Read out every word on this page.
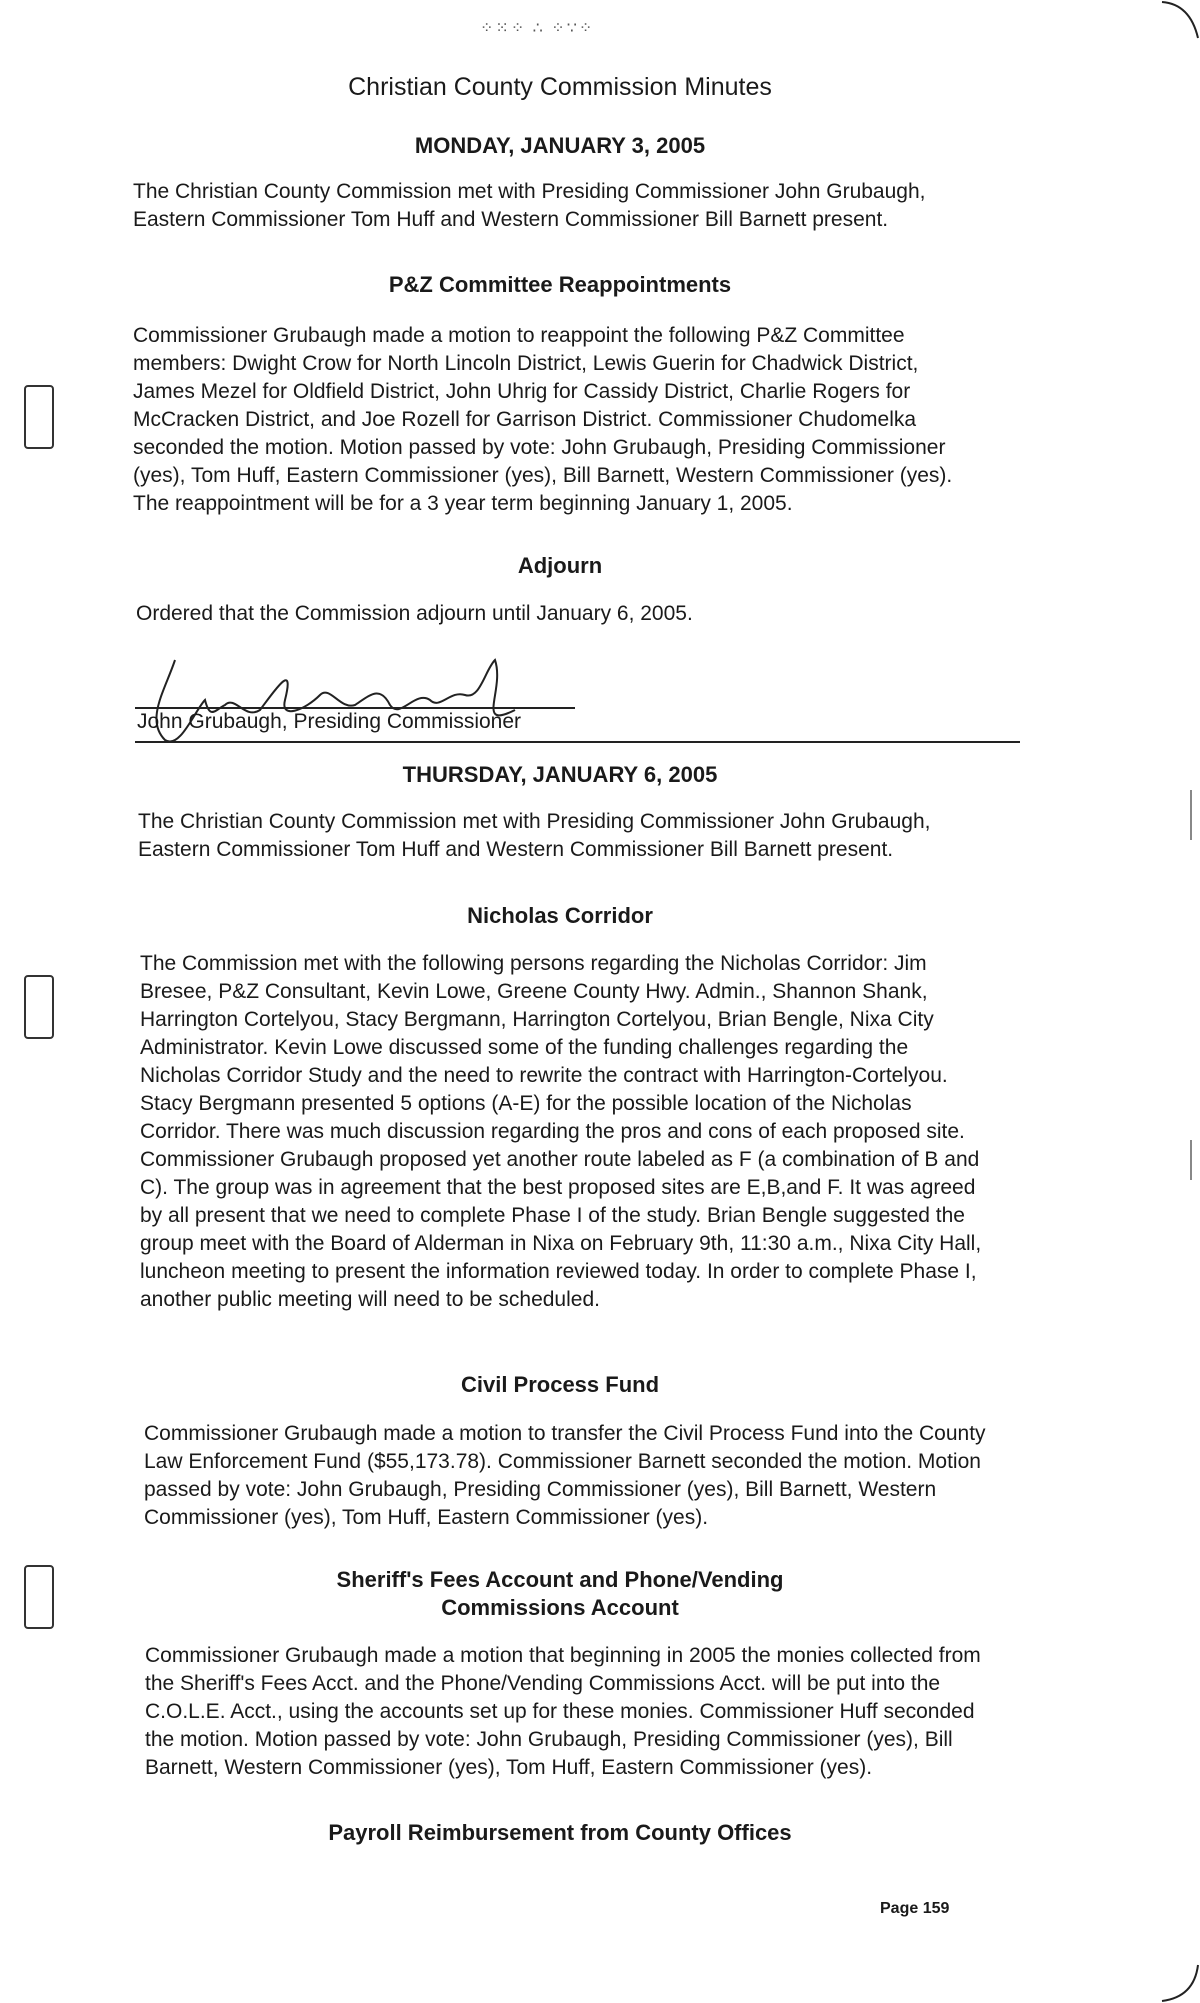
⁘⁙⁘ ∴ ⁘∵⁘
Christian County Commission Minutes
MONDAY, JANUARY 3, 2005

The Christian County Commission met with Presiding Commissioner John Grubaugh, Eastern Commissioner Tom Huff and Western Commissioner Bill Barnett present.

P&Z Committee Reappointments

Commissioner Grubaugh made a motion to reappoint the following P&Z Committee members: Dwight Crow for North Lincoln District, Lewis Guerin for Chadwick District, James Mezel for Oldfield District, John Uhrig for Cassidy District, Charlie Rogers for McCracken District, and Joe Rozell for Garrison District. Commissioner Chudomelka seconded the motion. Motion passed by vote: John Grubaugh, Presiding Commissioner (yes), Tom Huff, Eastern Commissioner (yes), Bill Barnett, Western Commissioner (yes). The reappointment will be for a 3 year term beginning January 1, 2005.

Adjourn

Ordered that the Commission adjourn until January 6, 2005.

John Grubaugh, Presiding Commissioner
THURSDAY, JANUARY 6, 2005

The Christian County Commission met with Presiding Commissioner John Grubaugh, Eastern Commissioner Tom Huff and Western Commissioner Bill Barnett present.

Nicholas Corridor

The Commission met with the following persons regarding the Nicholas Corridor: Jim Bresee, P&Z Consultant, Kevin Lowe, Greene County Hwy. Admin., Shannon Shank, Harrington Cortelyou, Stacy Bergmann, Harrington Cortelyou, Brian Bengle, Nixa City Administrator. Kevin Lowe discussed some of the funding challenges regarding the Nicholas Corridor Study and the need to rewrite the contract with Harrington-Cortelyou. Stacy Bergmann presented 5 options (A-E) for the possible location of the Nicholas Corridor. There was much discussion regarding the pros and cons of each proposed site. Commissioner Grubaugh proposed yet another route labeled as F (a combination of B and C). The group was in agreement that the best proposed sites are E,B,and F. It was agreed by all present that we need to complete Phase I of the study. Brian Bengle suggested the group meet with the Board of Alderman in Nixa on February 9th, 11:30 a.m., Nixa City Hall, luncheon meeting to present the information reviewed today. In order to complete Phase I, another public meeting will need to be scheduled.

Civil Process Fund

Commissioner Grubaugh made a motion to transfer the Civil Process Fund into the County Law Enforcement Fund ($55,173.78). Commissioner Barnett seconded the motion. Motion passed by vote: John Grubaugh, Presiding Commissioner (yes), Bill Barnett, Western Commissioner (yes), Tom Huff, Eastern Commissioner (yes).

Sheriff's Fees Account and Phone/Vending
Commissions Account

Commissioner Grubaugh made a motion that beginning in 2005 the monies collected from the Sheriff's Fees Acct. and the Phone/Vending Commissions Acct. will be put into the C.O.L.E. Acct., using the accounts set up for these monies. Commissioner Huff seconded the motion. Motion passed by vote: John Grubaugh, Presiding Commissioner (yes), Bill Barnett, Western Commissioner (yes), Tom Huff, Eastern Commissioner (yes).

Payroll Reimbursement from County Offices
Page 159
